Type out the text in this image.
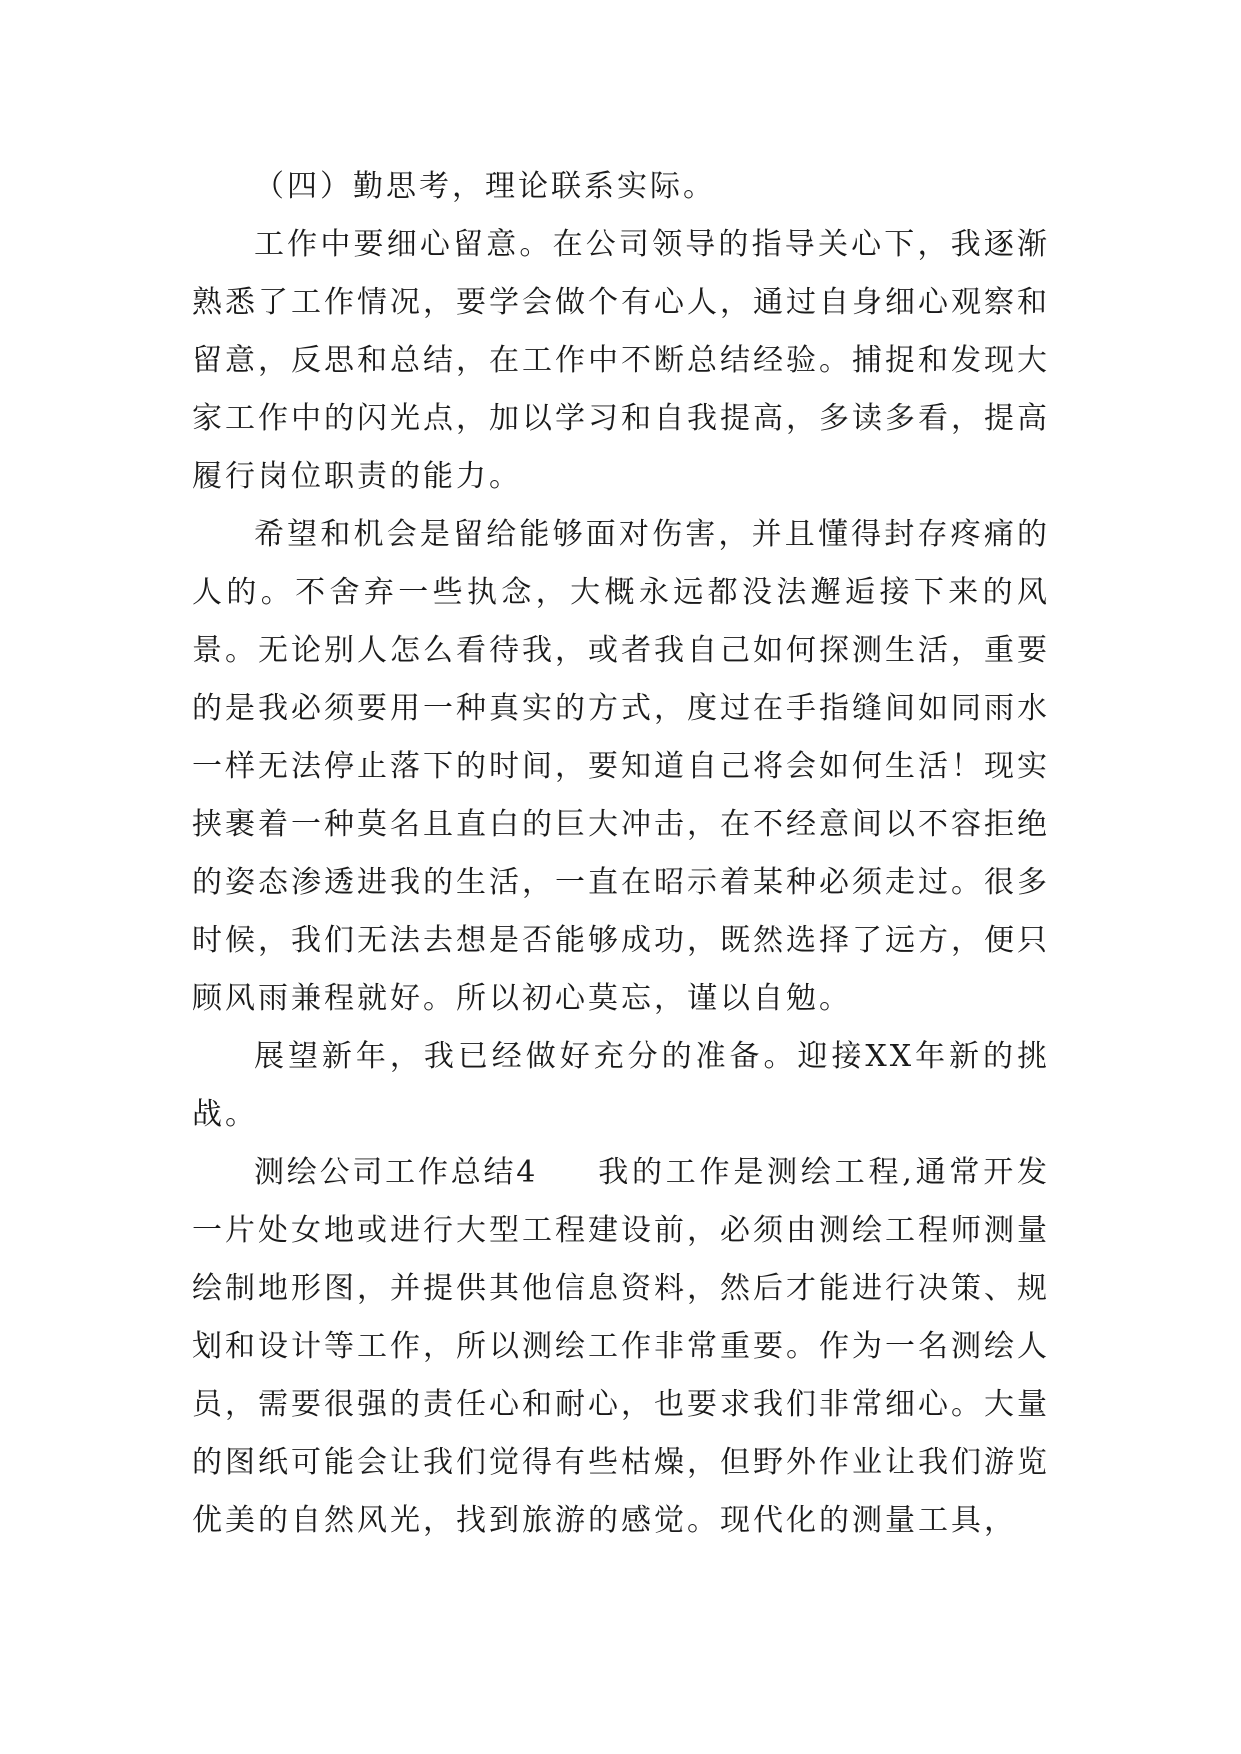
（四）勤思考，理论联系实际。

工作中要细心留意。在公司领导的指导关心下，我逐渐熟悉了工作情况，要学会做个有心人，通过自身细心观察和留意，反思和总结，在工作中不断总结经验。捕捉和发现大家工作中的闪光点，加以学习和自我提高，多读多看，提高履行岗位职责的能力。

希望和机会是留给能够面对伤害，并且懂得封存疼痛的人的。不舍弃一些执念，大概永远都没法邂逅接下来的风景。无论别人怎么看待我，或者我自己如何探测生活，重要的是我必须要用一种真实的方式，度过在手指缝间如同雨水一样无法停止落下的时间，要知道自己将会如何生活！现实挟裹着一种莫名且直白的巨大冲击，在不经意间以不容拒绝的姿态渗透进我的生活，一直在昭示着某种必须走过。很多时候，我们无法去想是否能够成功，既然选择了远方，便只顾风雨兼程就好。所以初心莫忘，谨以自勉。

展望新年，我已经做好充分的准备。迎接XX年新的挑战。

测绘公司工作总结4 我的工作是测绘工程,通常开发一片处女地或进行大型工程建设前，必须由测绘工程师测量绘制地形图，并提供其他信息资料，然后才能进行决策、规划和设计等工作，所以测绘工作非常重要。作为一名测绘人员，需要很强的责任心和耐心，也要求我们非常细心。大量的图纸可能会让我们觉得有些枯燥，但野外作业让我们游览优美的自然风光，找到旅游的感觉。现代化的测量工具，
